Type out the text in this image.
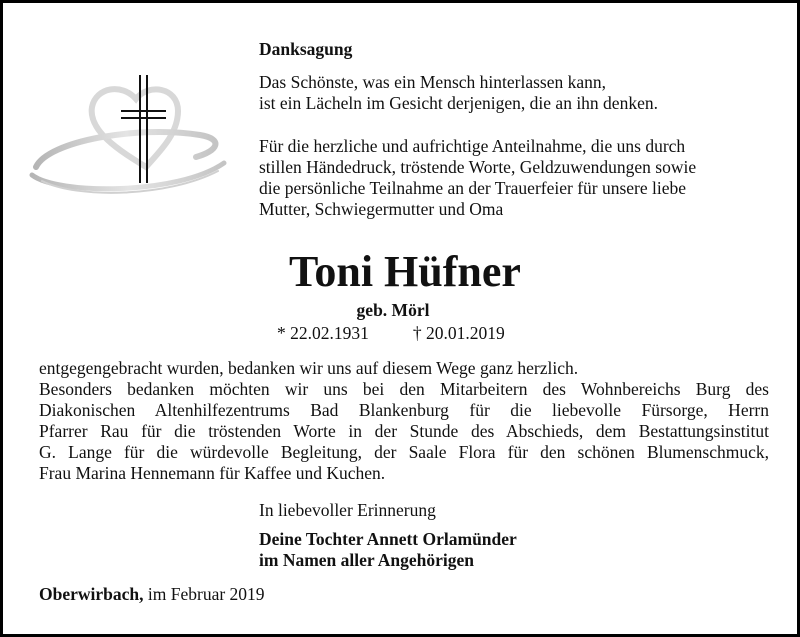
Danksagung

Das Schönste, was ein Mensch hinterlassen kann,

ist ein Lächeln im Gesicht derjenigen, die an ihn denken.

Für die herzliche und aufrichtige Anteilnahme, die uns durch

stillen Händedruck, tröstende Worte, Geldzuwendungen sowie

die persönliche Teilnahme an der Trauerfeier für unsere liebe

Mutter, Schwiegermutter und Oma

Toni Hüfner
geb. Mörl
* 22.02.1931	† 20.01.2019

entgegengebracht wurden, bedanken wir uns auf diesem Wege ganz herzlich.

Besonders bedanken möchten wir uns bei den Mitarbeitern des Wohnbereichs Burg des

Diakonischen Altenhilfezentrums Bad Blankenburg für die liebevolle Fürsorge, Herrn

Pfarrer Rau für die tröstenden Worte in der Stunde des Abschieds, dem Bestattungsinstitut

G. Lange für die würdevolle Begleitung, der Saale Flora für den schönen Blumenschmuck,

Frau Marina Hennemann für Kaffee und Kuchen.

In liebevoller Erinnerung

Deine Tochter Annett Orlamünder

im Namen aller Angehörigen

Oberwirbach, im Februar 2019
